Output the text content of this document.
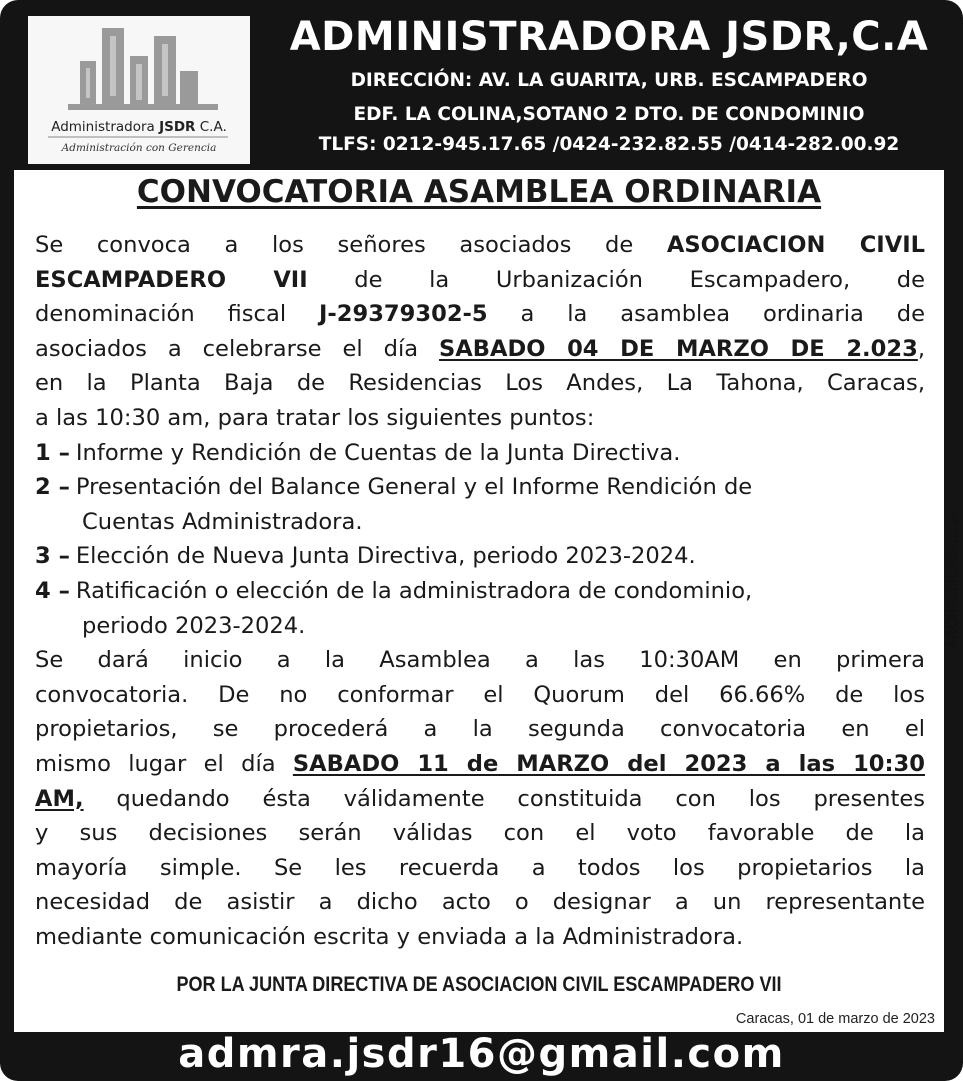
Administradora JSDR C.A.
Administración con Gerencia
ADMINISTRADORA JSDR,C.A
DIRECCIÓN: AV. LA GUARITA, URB. ESCAMPADERO
EDF. LA COLINA,SOTANO 2 DTO. DE CONDOMINIO
TLFS: 0212-945.17.65 /0424-232.82.55 /0414-282.00.92
CONVOCATORIA ASAMBLEA ORDINARIA
Se convoca a los señores asociados de ASOCIACION CIVIL
ESCAMPADERO VII de la Urbanización Escampadero, de
denominación fiscal J-29379302-5 a la asamblea ordinaria de
asociados a celebrarse el día SABADO 04 DE MARZO DE 2.023,
en la Planta Baja de Residencias Los Andes, La Tahona, Caracas,
a las 10:30 am, para tratar los siguientes puntos:
1 – Informe y Rendición de Cuentas de la Junta Directiva.
2 – Presentación del Balance General y el Informe Rendición de
Cuentas Administradora.
3 – Elección de Nueva Junta Directiva, periodo 2023-2024.
4 – Ratificación o elección de la administradora de condominio,
periodo 2023-2024.
Se dará inicio a la Asamblea a las 10:30AM en primera
convocatoria. De no conformar el Quorum del 66.66% de los
propietarios, se procederá a la segunda convocatoria en el
mismo lugar el día SABADO 11 de MARZO del 2023 a las 10:30
AM, quedando ésta válidamente constituida con los presentes
y sus decisiones serán válidas con el voto favorable de la
mayoría simple. Se les recuerda a todos los propietarios la
necesidad de asistir a dicho acto o designar a un representante
mediante comunicación escrita y enviada a la Administradora.
POR LA JUNTA DIRECTIVA DE ASOCIACION CIVIL ESCAMPADERO VII
Caracas, 01 de marzo de 2023
admra.jsdr16@gmail.com
ARCHPublicidad,c.a.
